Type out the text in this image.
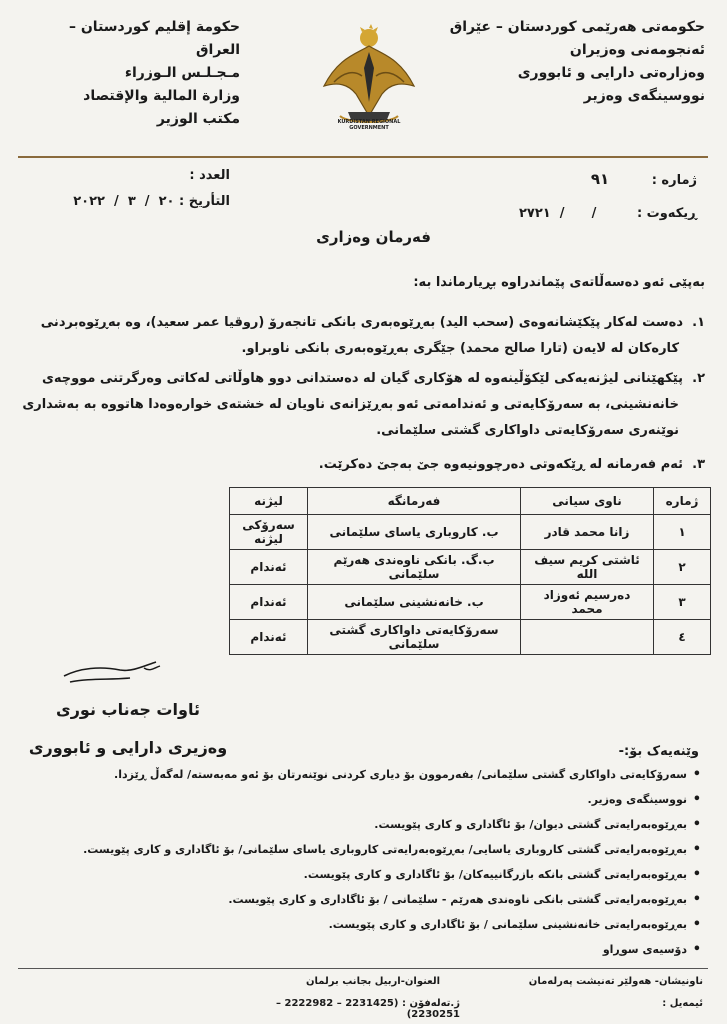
حکومەتی هەرێمی کوردستان – عێراق
ئەنجومەنی وەزیران
وەزارەتی دارایی و ئابووری
نووسینگەی وەزیر
حكومة إقليم كوردستان – العراق
مـجـلـس الـوزراء
وزارة المالية والإقتصاد
مكتب الوزير	KURDISTAN REGIONAL GOVERNMENT
ژمارە : ٩١
ڕیکەوت : /      /  ٢٧٢١
العدد :
التأريخ : ٢٠  /  ٣  /  ٢٠٢٢
فەرمان وەزاری
بەپێی ئەو دەسەڵاتەی پێماندراوە بڕیارماندا بە:
١.دەست لەکار پێکێشانەوەی (سحب اليد) بەڕێوەبەری بانکی تانجەرۆ (روقيا عمر سعيد)، وە بەڕێوەبردنی
کارەکان لە لایەن (تارا صالح محمد) جێگری بەڕێوەبەری بانکی ناوبراو.
٢.پێکهێنانی لیژنەیەکی لێکۆڵینەوە لە هۆکاری گیان لە دەستدانی دوو هاوڵاتی لەکاتی وەرگرتنی مووچەی
خانەنشینی، بە سەرۆکایەتی و ئەندامەتی ئەو بەڕێزانەی ناویان لە خشتەی خوارەوەدا هاتووە بە بەشداری
نوێنەری سەرۆکایەتی داواکاری گشتی سلێمانی.
٣.ئەم فەرمانە لە ڕێکەوتی دەرچوونیەوە جێ بەجێ دەکرێت.
ژمارە	ناوی سیانی	فەرمانگە	لیژنە
١	زانا محمد قادر	ب. کاروباری یاسای سلێمانی	سەرۆکی لیژنە
٢	ئاشتی كريم سيف الله	ب.گ. بانکی ناوەندی هەرێم سلێمانی	ئەندام
٣	دەرسیم ئەوزاد محمد	ب. خانەنشینی سلێمانی	ئەندام
٤		سەرۆکایەتی داواکاری گشتی سلێمانی	ئەندام
ئاوات جەناب نوری
وەزیری دارایی و ئابووری	وێنەیەک بۆ:-
• سەرۆکایەتی داواکاری گشتی سلێمانی/ بفەرموون بۆ دیاری کردنی نوێنەرتان بۆ ئەو مەبەستە/ لەگەڵ ڕێزدا.
• نووسینگەی وەزیر.
• بەڕێوەبەرایەتی گشتی دیوان/ بۆ ئاگاداری و کاری پێویست.
• بەڕێوەبەرایەتی گشتی کاروباری یاسایی/ بەڕێوەبەرایەتی کاروباری یاسای سلێمانی/ بۆ ئاگاداری و کاری پێویست.
• بەڕێوەبەرایەتی گشتی بانکە بازرگانییەکان/ بۆ ئاگاداری و کاری پێویست.
• بەڕێوەبەرایەتی گشتی بانکی ناوەندی هەرێم - سلێمانی / بۆ ئاگاداری و کاری پێویست.
• بەڕێوەبەرایەتی خانەنشینی سلێمانی / بۆ ئاگاداری و کاری پێویست.
• دۆسیەی سوڕاو
ناونیشان- هەولێر تەنیشت پەرلەمان
العنوان-اربيل بجانب برلمان
ئیمەیل :
ژ.تەلەفۆن : (2231425 – 2222982 – 2230251)
